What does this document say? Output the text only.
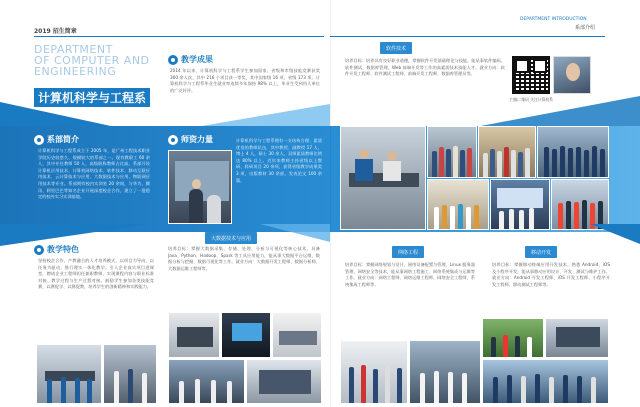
2019 招生简章
DEPARTMENT INTRODUCTION
系部介绍
DEPARTMENT
OF COMPUTER AND
ENGINEERING
计算机科学与工程系
教学成果
2014 年以来，计算机科学与工程系学生参加国家、省级和市级技能竞赛获奖 300 余人次，其中 216 个项目获一等奖，其中国家级 16 项、省级 173 项。计算机科学与工程系毕业生就业率连续多年保持 98% 以上，毕业生受到用人单位的广泛好评。
软件技术
培养目标：培养具有良好职业道德，掌握软件开发基础理论与技能，能从事软件编码、软件测试、数据库管理、Web 前端开发等工作的高素质技术技能人才。就业方向：软件开发工程师、软件测试工程师、前端开发工程师、数据库管理员等。
扫描二维码 关注计算机系
系部简介
计算机科学与工程系成立于 2005 年，是广州工程技术职业学院历史较悠久、规模较大的系部之一。现有教职工 60 余人，其中专任教师 50 人，高级职称教师占比高。系部开设计算机应用技术、计算机网络技术、软件技术、移动互联应用技术、云计算技术与应用、大数据技术与应用、物联网应用技术等专业。系部拥有校内实训室 20 余间，与华为、腾讯、阿里巴巴等知名企业开展深度校企合作，建立了一批稳定的校外实习实训基地。
师资力量	计算机科学与工程系拥有一支结构合理、素质优良的教师队伍，其中教授、副教授 17 人，博士 4 人，硕士 30 余人，双师素质教师比例达 80% 以上。近年来教师主持省级以上教研、科研项目 20 余项，获得省级教学成果奖 3 项，出版教材 30 余部，发表论文 100 余篇。
教学特色
坚持校企合作、产教融合的人才培养模式，以项目为导向、以任务为驱动，推行理实一体化教学。引入企业真实项目进课堂，聘请企业工程师担任兼职教师，实现课程内容与职业标准对接、教学过程与生产过程对接。鼓励学生参加各类技能竞赛，以赛促学、以赛促教，培养学生的创新精神和实践能力。
大数据技术与应用
培养目标：掌握大数据采集、存储、处理、分析与可视化等核心技术，具备 Java、Python、Hadoop、Spark 等工具应用能力，能从事大数据平台运维、数据分析与挖掘、数据可视化等工作。就业方向：大数据开发工程师、数据分析师、大数据运维工程师等。
网络工程
培养目标：掌握网络规划与设计、网络设备配置与管理、Linux 服务器管理、网络安全等技术，能从事网络工程施工、网络系统集成与运维等工作。就业方向：网络工程师、网络运维工程师、网络安全工程师、系统集成工程师等。
移动开发
培养目标：掌握移动终端应用开发技术，熟悉 Android、iOS 及小程序开发，能从事移动应用设计、开发、测试与维护工作。就业方向：Android 开发工程师、iOS 开发工程师、小程序开发工程师、移动测试工程师等。
